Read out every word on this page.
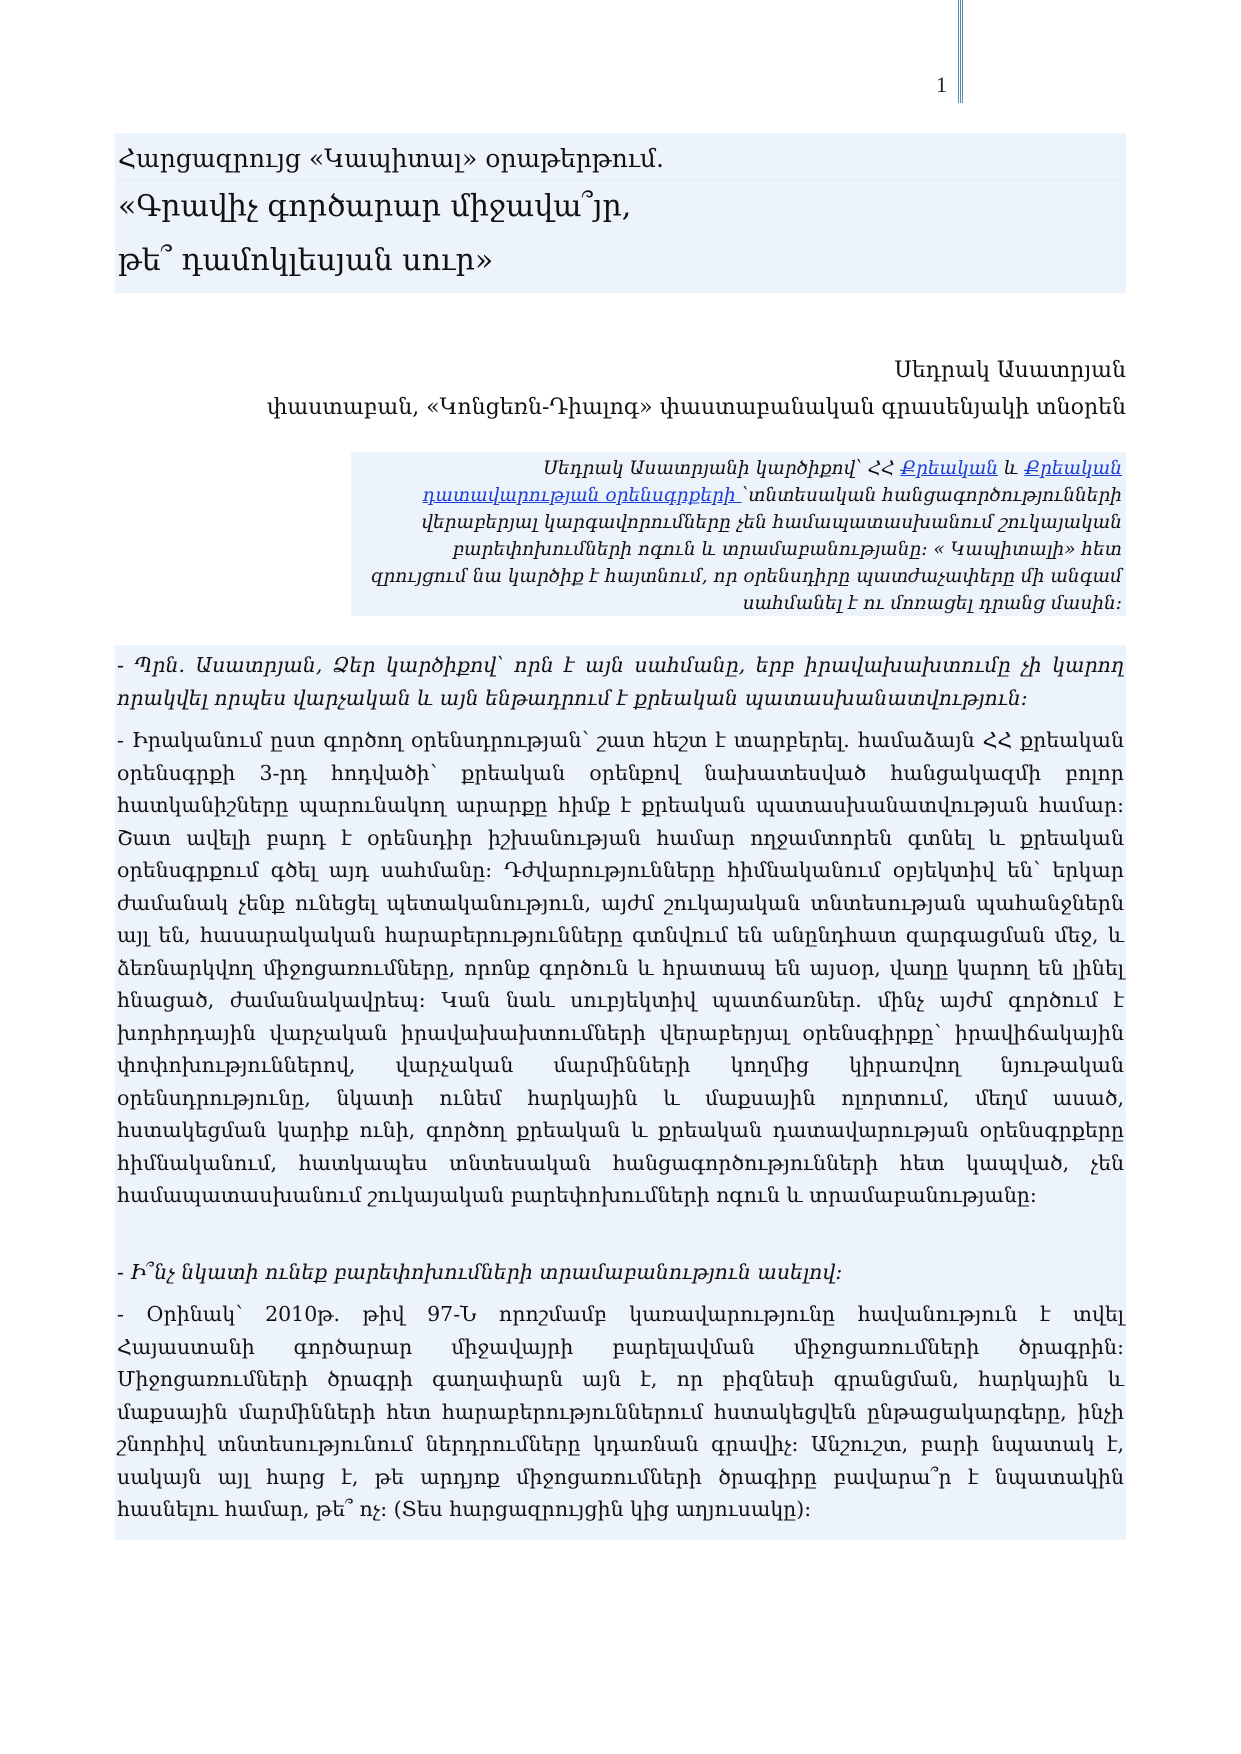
1

Հարցազրույց «Կապիտալ» օրաթերթում.

«Գրավիչ գործարար միջավա՞յր,
թե՞ դամոկլեսյան սուր»
Սեդրակ Ասատրյան
փաստաբան, «Կոնցեռն-Դիալոգ» փաստաբանական գրասենյակի տնօրեն
Սեդրակ Ասատրյանի կարծիքով՝ ՀՀ Քրեական և Քրեական դատավարության օրենսգրքերի ՝տնտեսական հանցագործությունների վերաբերյալ կարգավորումները չեն համապատասխանում շուկայական բարեփոխումների ոգուն և տրամաբանությանը: « Կապիտալի» հետ զրույցում նա կարծիք է հայտնում, որ օրենսդիրը պատժաչափերը մի անգամ սահմանել է ու մոռացել դրանց մասին:

- Պրն. Ասատրյան, Ձեր կարծիքով՝ որն է այն սահմանը, երբ իրավախախտումը չի կարող որակվել որպես վարչական և այն ենթադրում է քրեական պատասխանատվություն:

- Իրականում ըստ գործող օրենսդրության՝ շատ հեշտ է տարբերել. համաձայն ՀՀ քրեական օրենսգրքի 3-րդ հոդվածի՝ քրեական օրենքով նախատեսված հանցակազմի բոլոր հատկանիշները պարունակող արարքը հիմք է քրեական պատասխանատվության համար: Շատ ավելի բարդ է օրենսդիր իշխանության համար ողջամտորեն գտնել և քրեական օրենսգրքում գծել այդ սահմանը: Դժվարությունները հիմնականում օբյեկտիվ են՝ երկար ժամանակ չենք ունեցել պետականություն, այժմ շուկայական տնտեսության պահանջներն այլ են, հասարակական հարաբերությունները գտնվում են անընդհատ զարգացման մեջ, և ձեռնարկվող միջոցառումները, որոնք գործուն և հրատապ են այսօր, վաղը կարող են լինել հնացած, ժամանակավրեպ: Կան նաև սուբյեկտիվ պատճառներ. մինչ այժմ գործում է խորհրդային վարչական իրավախախտումների վերաբերյալ օրենսգիրքը՝ իրավիճակային փոփոխություններով, վարչական մարմինների կողմից կիրառվող նյութական օրենսդրությունը, նկատի ունեմ հարկային և մաքսային ոլորտում, մեղմ ասած, հստակեցման կարիք ունի, գործող քրեական և քրեական դատավարության օրենսգրքերը հիմնականում, հատկապես տնտեսական հանցագործությունների հետ կապված, չեն համապատասխանում շուկայական բարեփոխումների ոգուն և տրամաբանությանը:

- Ի՞նչ նկատի ունեք բարեփոխումների տրամաբանություն ասելով:

- Օրինակ՝ 2010թ. թիվ 97-Ն որոշմամբ կառավարությունը հավանություն է տվել Հայաստանի գործարար միջավայրի բարելավման միջոցառումների ծրագրին: Միջոցառումների ծրագրի գաղափարն այն է, որ բիզնեսի գրանցման, հարկային և մաքսային մարմինների հետ հարաբերություններում հստակեցվեն ընթացակարգերը, ինչի շնորհիվ տնտեսությունում ներդրումները կդառնան գրավիչ: Անշուշտ, բարի նպատակ է, սակայն այլ հարց է, թե արդյոք միջոցառումների ծրագիրը բավարա՞ր է նպատակին հասնելու համար, թե՞ ոչ: (Տես հարցազրույցին կից աղյուսակը):
